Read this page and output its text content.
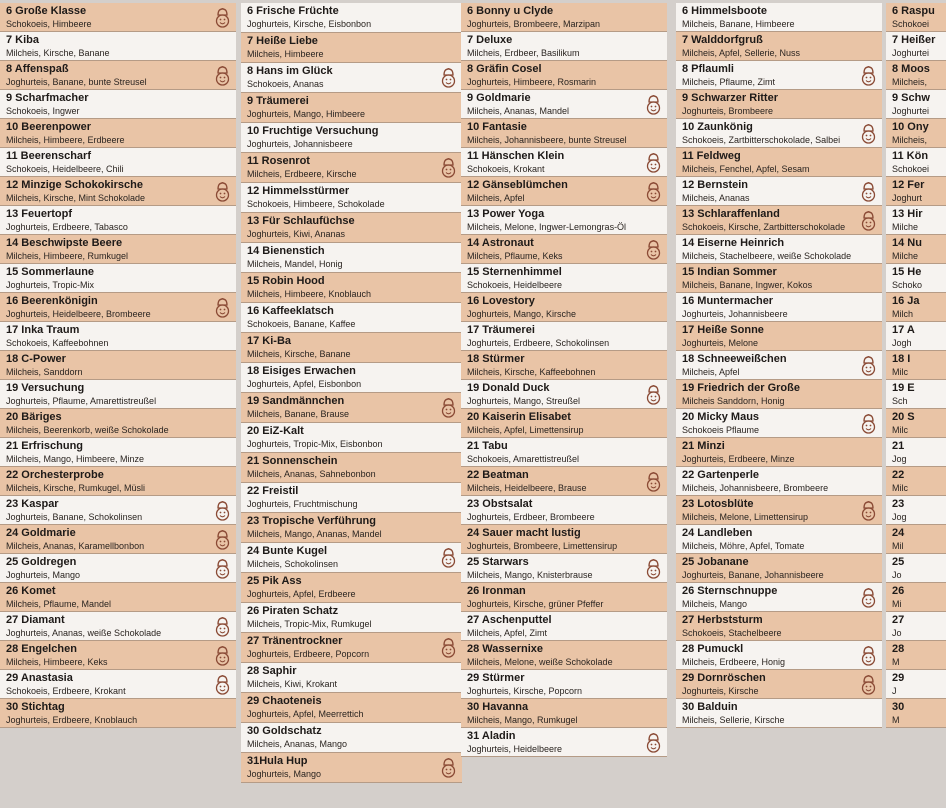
6 Große Klasse
Schokoeis, Himbeere
7 Kiba
Milcheis, Kirsche, Banane
8 Affenspaß
Joghurteis, Banane, bunte Streusel
9 Scharfmacher
Schokoeis, Ingwer
10 Beerenpower
Milcheis, Himbeere, Erdbeere
11 Beerenscharf
Schokoeis, Heidelbeere, Chili
12 Minzige Schokokirsche
Milcheis, Kirsche, Mint Schokolade
13 Feuertopf
Joghurteis, Erdbeere, Tabasco
14 Beschwipste Beere
Milcheis, Himbeere, Rumkugel
15 Sommerlaune
Joghurteis, Tropic-Mix
16 Beerenkönigin
Joghurteis, Heidelbeere, Brombeere
17 Inka Traum
Schokoeis, Kaffeebohnen
18 C-Power
Milcheis, Sanddorn
19 Versuchung
Joghurteis, Pflaume, Amarettistreußel
20 Bäriges
Milcheis, Beerenkorb, weiße Schokolade
21 Erfrischung
Milcheis, Mango, Himbeere, Minze
22 Orchesterprobe
Milcheis, Kirsche, Rumkugel, Müsli
23 Kaspar
Joghurteis, Banane, Schokolinsen
24 Goldmarie
Milcheis, Ananas, Karamellbonbon
25 Goldregen
Joghurteis, Mango
26 Komet
Milcheis, Pflaume, Mandel
27 Diamant
Joghurteis, Ananas, weiße Schokolade
28 Engelchen
Milcheis, Himbeere, Keks
29 Anastasia
Schokoeis, Erdbeere, Krokant
30 Stichtag
Joghurteis, Erdbeere, Knoblauch
6 Frische Früchte
Joghurteis, Kirsche, Eisbonbon
7 Heiße Liebe
Milcheis, Himbeere
8 Hans im Glück
Schokoeis, Ananas
9 Träumerei
Joghurteis, Mango, Himbeere
10 Fruchtige Versuchung
Joghurteis, Johannisbeere
11 Rosenrot
Milcheis, Erdbeere, Kirsche
12 Himmelsstürmer
Schokoeis, Himbeere, Schokolade
13 Für Schlaufüchse
Joghurteis, Kiwi, Ananas
14 Bienenstich
Milcheis, Mandel, Honig
15 Robin Hood
Milcheis, Himbeere, Knoblauch
16 Kaffeeklatsch
Schokoeis, Banane, Kaffee
17 Ki-Ba
Milcheis, Kirsche, Banane
18 Eisiges Erwachen
Joghurteis, Apfel, Eisbonbon
19 Sandmännchen
Milcheis, Banane, Brause
20 EiZ-Kalt
Joghurteis, Tropic-Mix, Eisbonbon
21 Sonnenschein
Milcheis, Ananas, Sahnebonbon
22 Freistil
Joghurteis, Fruchtmischung
23 Tropische Verführung
Milcheis, Mango, Ananas, Mandel
24 Bunte Kugel
Milcheis, Schokolinsen
25 Pik Ass
Joghurteis, Apfel, Erdbeere
26 Piraten Schatz
Milcheis, Tropic-Mix, Rumkugel
27 Tränentrockner
Joghurteis, Erdbeere, Popcorn
28 Saphir
Milcheis, Kiwi, Krokant
29 Chaoteneis
Joghurteis, Apfel, Meerrettich
30 Goldschatz
Milcheis, Ananas, Mango
31Hula Hup
Joghurteis, Mango
6 Bonny u Clyde
Joghurteis, Brombeere, Marzipan
7 Deluxe
Milcheis, Erdbeer, Basilikum
8 Gräfin Cosel
Joghurteis, Himbeere, Rosmarin
9 Goldmarie
Milcheis, Ananas, Mandel
10 Fantasie
Milcheis, Johannisbeere, bunte Streusel
11 Hänschen Klein
Schokoeis, Krokant
12 Gänseblümchen
Milcheis, Apfel
13 Power Yoga
Milcheis, Melone, Ingwer-Lemongras-Öl
14 Astronaut
Milcheis, Pflaume, Keks
15 Sternenhimmel
Schokoeis, Heidelbeere
16 Lovestory
Joghurteis, Mango, Kirsche
17 Träumerei
Joghurteis, Erdbeere, Schokolinsen
18 Stürmer
Milcheis, Kirsche, Kaffeebohnen
19 Donald Duck
Joghurteis, Mango, Streußel
20 Kaiserin Elisabet
Milcheis, Apfel, Limettensirup
21 Tabu
Schokoeis, Amarettistreußel
22 Beatman
Milcheis, Heidelbeere, Brause
23 Obstsalat
Joghurteis, Erdbeer, Brombeere
24 Sauer macht lustig
Joghurteis, Brombeere, Limettensirup
25 Starwars
Milcheis, Mango, Knisterbrause
26 Ironman
Joghurteis, Kirsche, grüner Pfeffer
27 Aschenputtel
Milcheis, Apfel, Zimt
28 Wassernixe
Milcheis, Melone, weiße Schokolade
29 Stürmer
Joghurteis, Kirsche, Popcorn
30 Havanna
Milcheis, Mango, Rumkugel
31 Aladin
Joghurteis, Heidelbeere
6 Himmelsboote
Milcheis, Banane, Himbeere
7 Walddorfgruß
Milcheis, Apfel, Sellerie, Nuss
8 Pflaumli
Milcheis, Pflaume, Zimt
9 Schwarzer Ritter
Joghurteis, Brombeere
10 Zaunkönig
Schokoeis, Zartbitterschokolade, Salbei
11 Feldweg
Milcheis, Fenchel, Apfel, Sesam
12 Bernstein
Milcheis, Ananas
13 Schlaraffenland
Schokoeis, Kirsche, Zartbitterschokolade
14 Eiserne Heinrich
Milcheis, Stachelbeere, weiße Schokolade
15 Indian Sommer
Milcheis, Banane, Ingwer, Kokos
16 Muntermacher
Joghurteis, Johannisbeere
17 Heiße Sonne
Joghurteis, Melone
18 Schneeweißchen
Milcheis, Apfel
19 Friedrich der Große
Milcheis Sanddorn, Honig
20 Micky Maus
Schokoeis Pflaume
21 Minzi
Joghurteis, Erdbeere, Minze
22 Gartenperle
Milcheis, Johannisbeere, Brombeere
23 Lotosblüte
Milcheis, Melone, Limettensirup
24 Landleben
Milcheis, Möhre, Apfel, Tomate
25 Jobanane
Joghurteis, Banane, Johannisbeere
26 Sternschnuppe
Milcheis, Mango
27 Herbststurm
Schokoeis, Stachelbeere
28 Pumuckl
Milcheis, Erdbeere, Honig
29 Dornröschen
Joghurteis, Kirsche
30 Balduin
Milcheis, Sellerie, Kirsche
6 Raspu
Schokoei
7 Heißer
Joghurtei
8 Moos
Milcheis,
9 Schw
Joghurtei
10 Ony
Milcheis,
11 Kön
Schokoei
12 Fer
Joghurt
13 Hir
Milche
14 Nu
Milche
15 He
Schoko
16 Ja
Milch
17 A
Jogh
18 I
Milc
19 E
Sch
20 S
Milc
21
Jog
22
Milc
23
Jog
24
Mil
25
Jo
26
Mi
27
Jo
28
M
29
J
30
M
